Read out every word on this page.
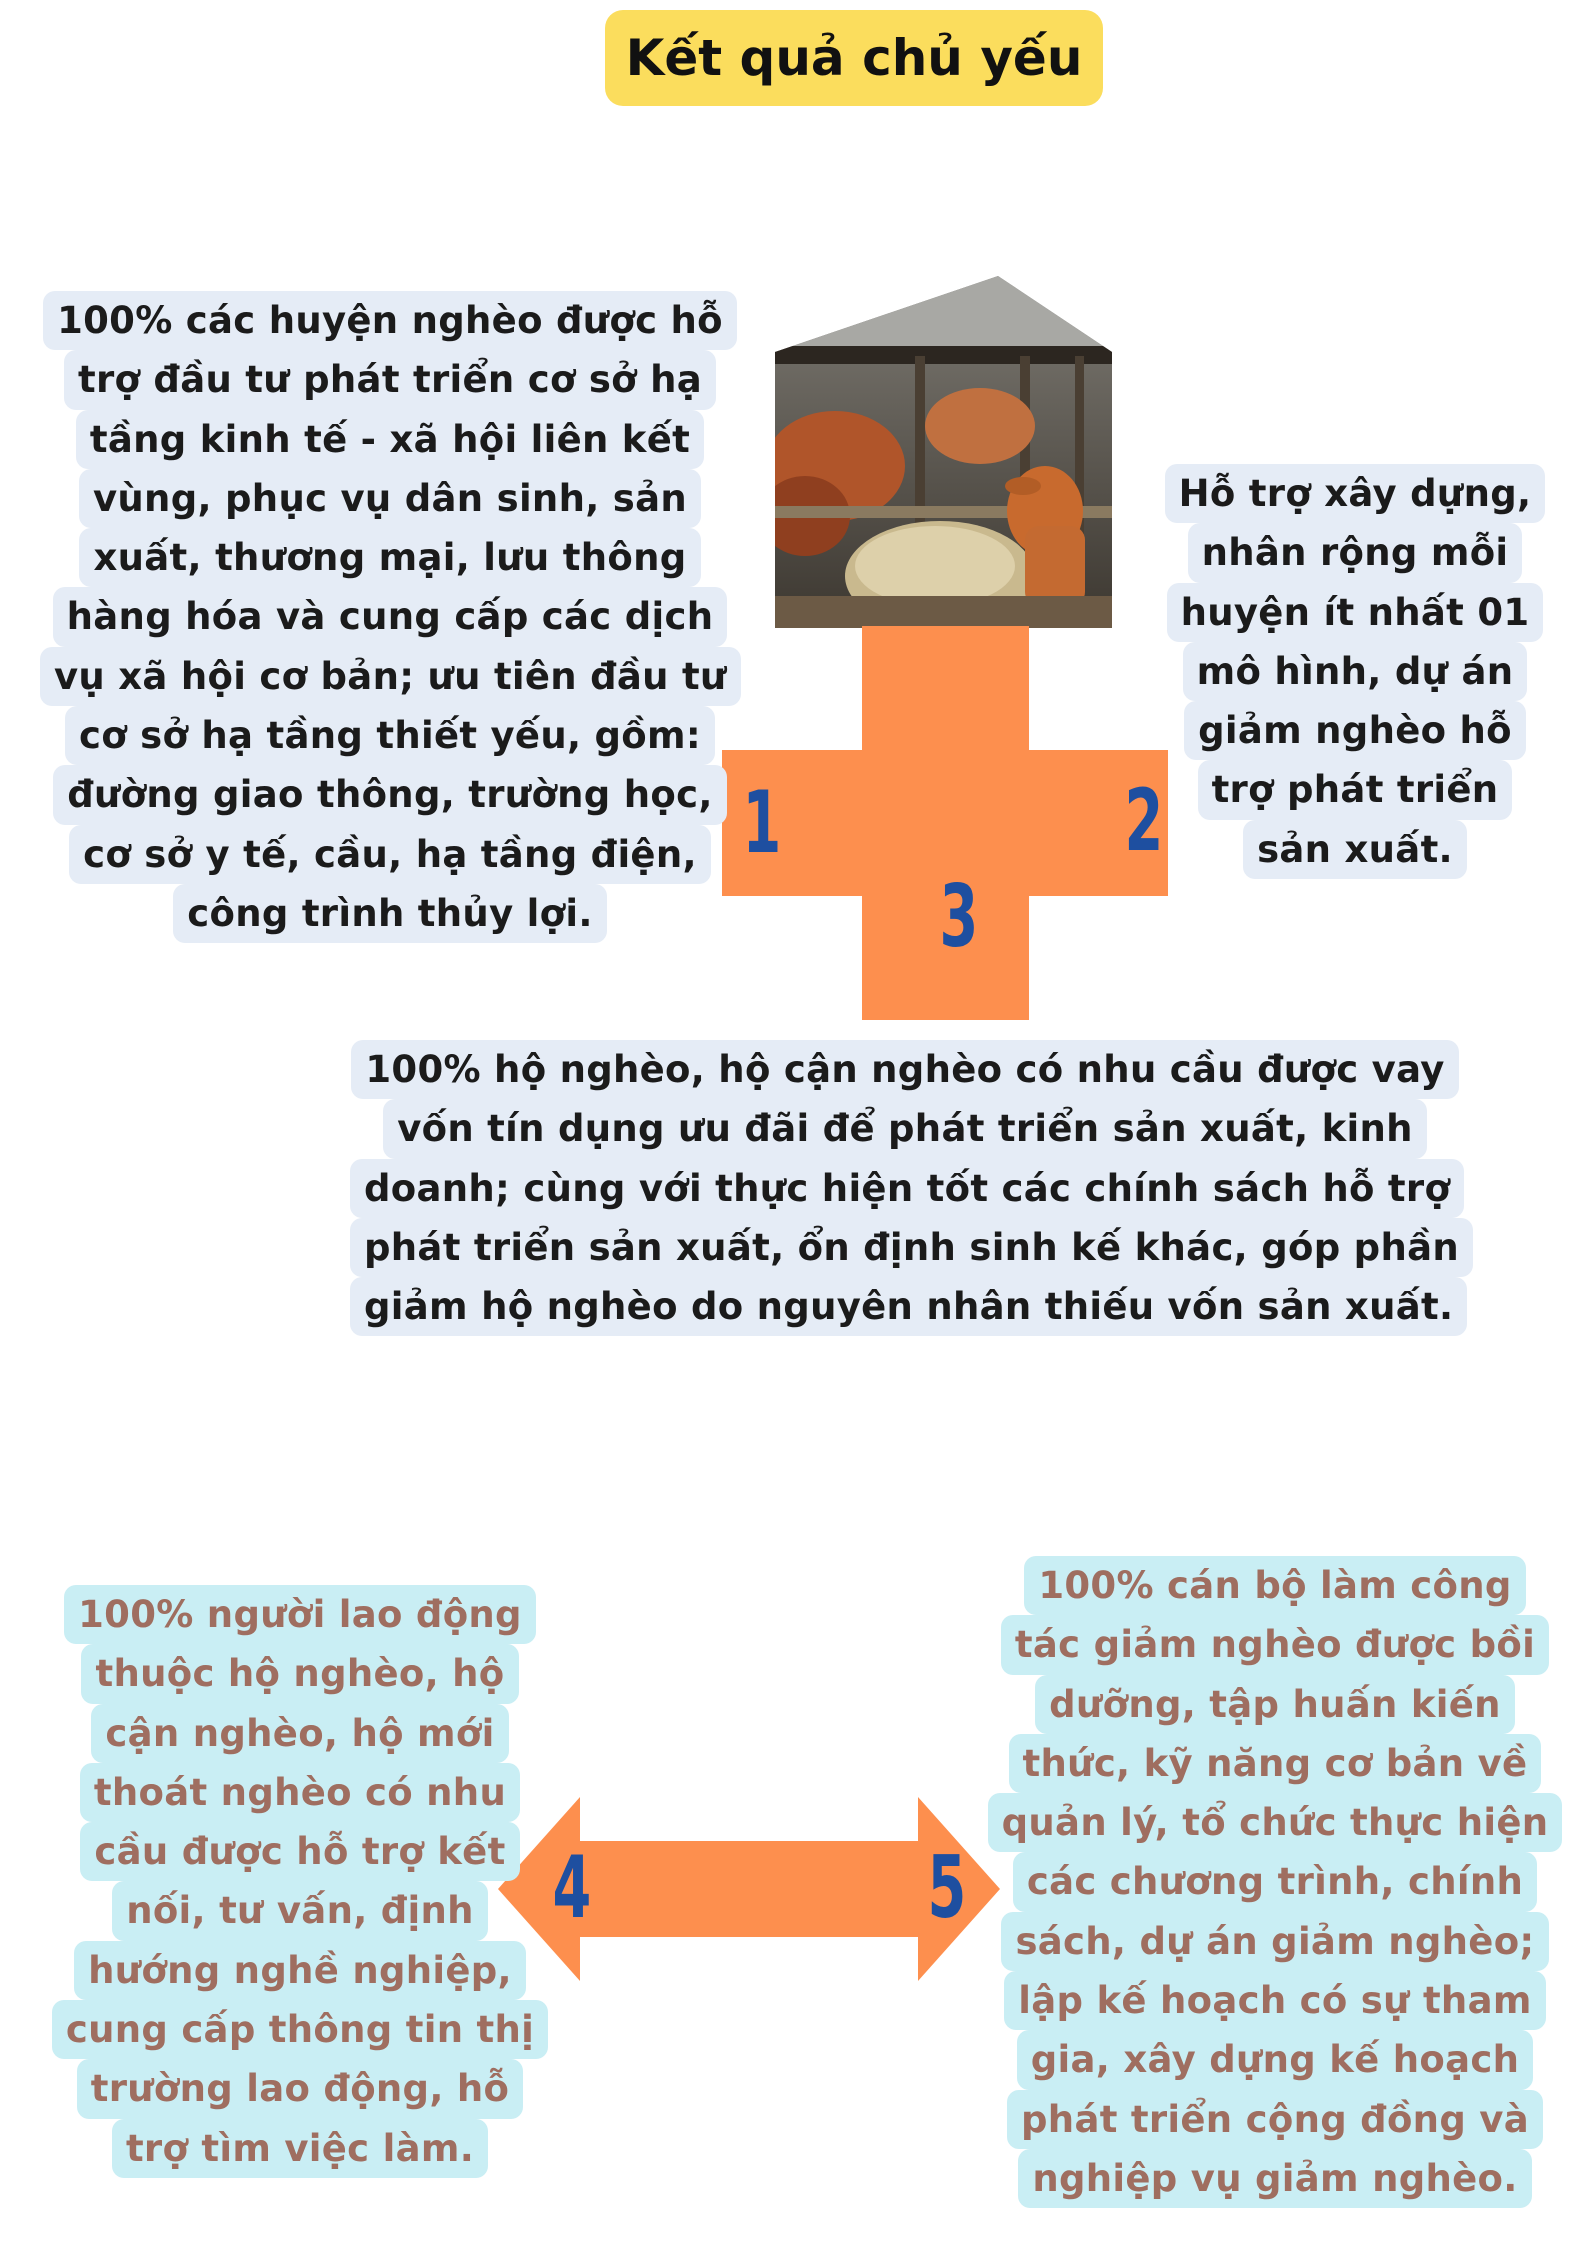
Kết quả chủ yếu
1	2
3
4	5
100% các huyện nghèo được hỗ
trợ đầu tư phát triển cơ sở hạ
tầng kinh tế - xã hội liên kết
vùng, phục vụ dân sinh, sản
xuất, thương mại, lưu thông
hàng hóa và cung cấp các dịch
vụ xã hội cơ bản; ưu tiên đầu tư
cơ sở hạ tầng thiết yếu, gồm:
đường giao thông, trường học,
cơ sở y tế, cầu, hạ tầng điện,
công trình thủy lợi.
Hỗ trợ xây dựng,
nhân rộng mỗi
huyện ít nhất 01
mô hình, dự án
giảm nghèo hỗ
trợ phát triển
sản xuất.
100% hộ nghèo, hộ cận nghèo có nhu cầu được vay
vốn tín dụng ưu đãi để phát triển sản xuất, kinh
doanh; cùng với thực hiện tốt các chính sách hỗ trợ
phát triển sản xuất, ổn định sinh kế khác, góp phần
giảm hộ nghèo do nguyên nhân thiếu vốn sản xuất.
100% người lao động
thuộc hộ nghèo, hộ
cận nghèo, hộ mới
thoát nghèo có nhu
cầu được hỗ trợ kết
nối, tư vấn, định
hướng nghề nghiệp,
cung cấp thông tin thị
trường lao động, hỗ
trợ tìm việc làm.
100% cán bộ làm công
tác giảm nghèo được bồi
dưỡng, tập huấn kiến
thức, kỹ năng cơ bản về
quản lý, tổ chức thực hiện
các chương trình, chính
sách, dự án giảm nghèo;
lập kế hoạch có sự tham
gia, xây dựng kế hoạch
phát triển cộng đồng và
nghiệp vụ giảm nghèo.
